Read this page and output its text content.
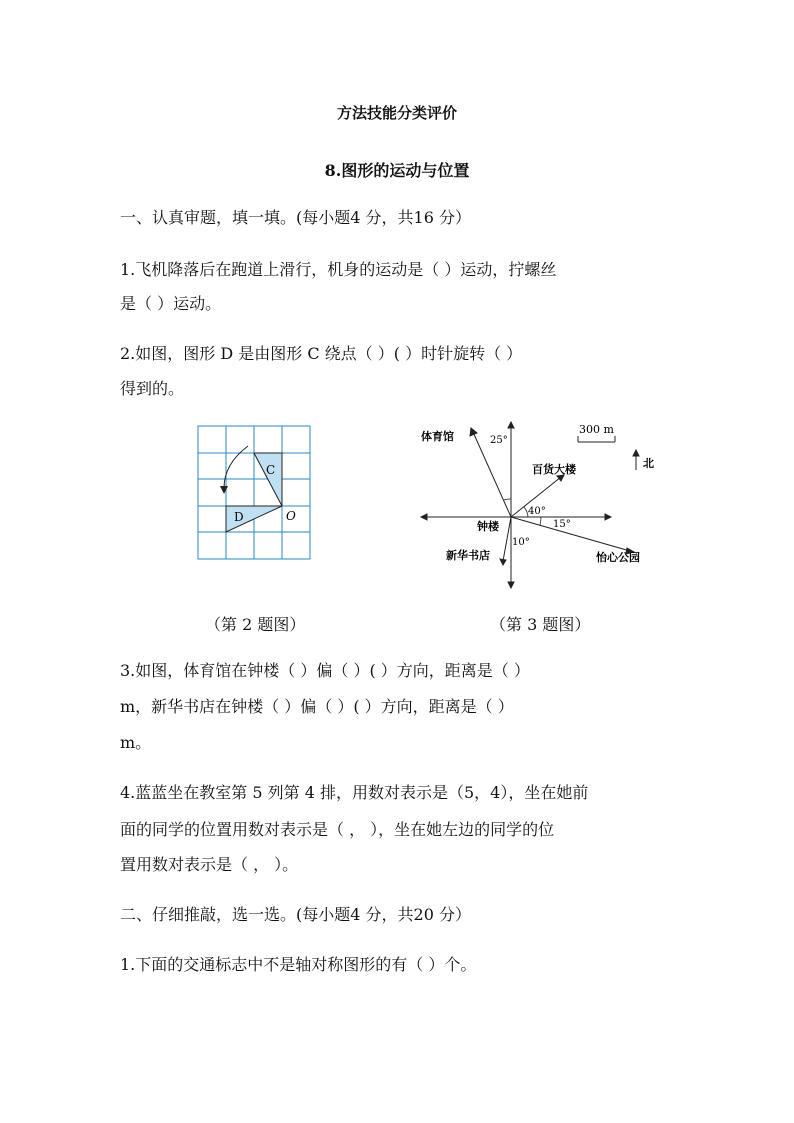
方法技能分类评价
8.图形的运动与位置
一、认真审题，填一填。(每小题4 分，共16 分）
1.飞机降落后在跑道上滑行，机身的运动是（ ）运动，拧螺丝
是（ ）运动。
2.如图，图形 D 是由图形 C 绕点（ ）( ）时针旋转（ ）
得到的。
C
D	O
体育馆
百货大楼
钟楼
新华书店	怡心公园
300 m
北
25°
40°
15°
10°
（第 2 题图）	（第 3 题图）
3.如图，体育馆在钟楼（ ）偏（ ）( ）方向，距离是（ ）
m，新华书店在钟楼（ ）偏（ ）( ）方向，距离是（ ）
m。
4.蓝蓝坐在教室第 5 列第 4 排，用数对表示是（5，4），坐在她前
面的同学的位置用数对表示是（ ， ），坐在她左边的同学的位
置用数对表示是（ ， ）。
二、仔细推敲，选一选。(每小题4 分，共20 分）
1.下面的交通标志中不是轴对称图形的有（ ）个。
